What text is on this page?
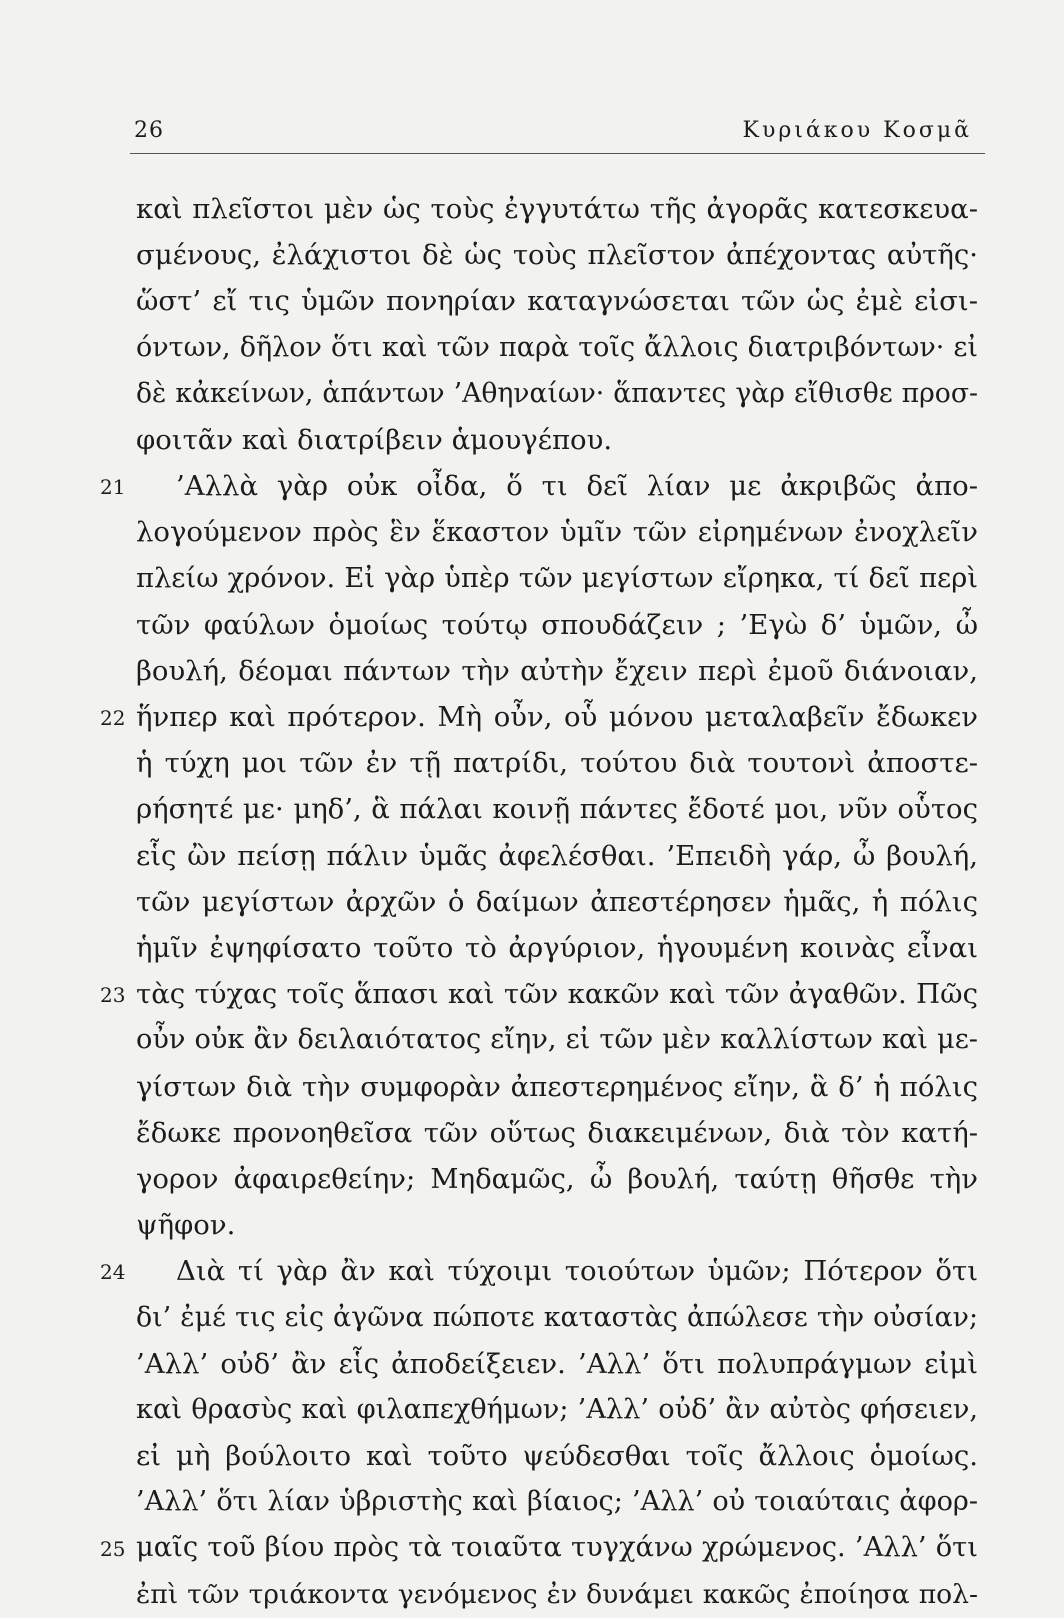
26	Κυριάκου Κοσμᾶ
καὶ πλεῖστοι μὲν ὡς τοὺς ἐγγυτάτω τῆς ἀγορᾶς κατεσκευα-
σμένους, ἐλάχιστοι δὲ ὡς τοὺς πλεῖστον ἀπέχοντας αὐτῆς·
ὥστ’ εἴ τις ὑμῶν πονηρίαν καταγνώσεται τῶν ὡς ἐμὲ εἰσι-
όντων, δῆλον ὅτι καὶ τῶν παρὰ τοῖς ἄλλοις διατριβόντων· εἰ
δὲ κἀκείνων, ἁπάντων ’Αθηναίων· ἅπαντες γὰρ εἴθισθε προσ-
φοιτᾶν καὶ διατρίβειν ἁμουγέπου.
21 ’Αλλὰ γὰρ οὐκ οἶδα, ὅ τι δεῖ λίαν με ἀκριβῶς ἀπο-
λογούμενον πρὸς ἓν ἕκαστον ὑμῖν τῶν εἰρημένων ἐνοχλεῖν
πλείω χρόνον. Εἰ γὰρ ὑπὲρ τῶν μεγίστων εἴρηκα, τί δεῖ περὶ
τῶν φαύλων ὁμοίως τούτῳ σπουδάζειν ; ’Εγὼ δ’ ὑμῶν, ὦ
βουλή, δέομαι πάντων τὴν αὐτὴν ἔχειν περὶ ἐμοῦ διάνοιαν,
22 ἥνπερ καὶ πρότερον. Μὴ οὖν, οὗ μόνου μεταλαβεῖν ἔδωκεν
ἡ τύχη μοι τῶν ἐν τῇ πατρίδι, τούτου διὰ τουτονὶ ἀποστε-
ρήσητέ με· μηδ’, ἃ πάλαι κοινῇ πάντες ἔδοτέ μοι, νῦν οὗτος
εἷς ὢν πείσῃ πάλιν ὑμᾶς ἀφελέσθαι. ’Επειδὴ γάρ, ὦ βουλή,
τῶν μεγίστων ἀρχῶν ὁ δαίμων ἀπεστέρησεν ἡμᾶς, ἡ πόλις
ἡμῖν ἐψηφίσατο τοῦτο τὸ ἀργύριον, ἡγουμένη κοινὰς εἶναι
23 τὰς τύχας τοῖς ἅπασι καὶ τῶν κακῶν καὶ τῶν ἀγαθῶν. Πῶς
οὖν οὐκ ἂν δειλαιότατος εἴην, εἰ τῶν μὲν καλλίστων καὶ με-
γίστων διὰ τὴν συμφορὰν ἀπεστερημένος εἴην, ἃ δ’ ἡ πόλις
ἔδωκε προνοηθεῖσα τῶν οὕτως διακειμένων, διὰ τὸν κατή-
γορον ἀφαιρεθείην; Μηδαμῶς, ὦ βουλή, ταύτῃ θῆσθε τὴν
ψῆφον.
24 Διὰ τί γὰρ ἂν καὶ τύχοιμι τοιούτων ὑμῶν; Πότερον ὅτι
δι’ ἐμέ τις εἰς ἀγῶνα πώποτε καταστὰς ἀπώλεσε τὴν οὐσίαν;
’Αλλ’ οὐδ’ ἂν εἷς ἀποδείξειεν. ’Αλλ’ ὅτι πολυπράγμων εἰμὶ
καὶ θρασὺς καὶ φιλαπεχθήμων; ’Αλλ’ οὐδ’ ἂν αὐτὸς φήσειεν,
εἰ μὴ βούλοιτο καὶ τοῦτο ψεύδεσθαι τοῖς ἄλλοις ὁμοίως.
’Αλλ’ ὅτι λίαν ὑβριστὴς καὶ βίαιος; ’Αλλ’ οὐ τοιαύταις ἀφορ-
25 μαῖς τοῦ βίου πρὸς τὰ τοιαῦτα τυγχάνω χρώμενος. ’Αλλ’ ὅτι
ἐπὶ τῶν τριάκοντα γενόμενος ἐν δυνάμει κακῶς ἐποίησα πολ-
